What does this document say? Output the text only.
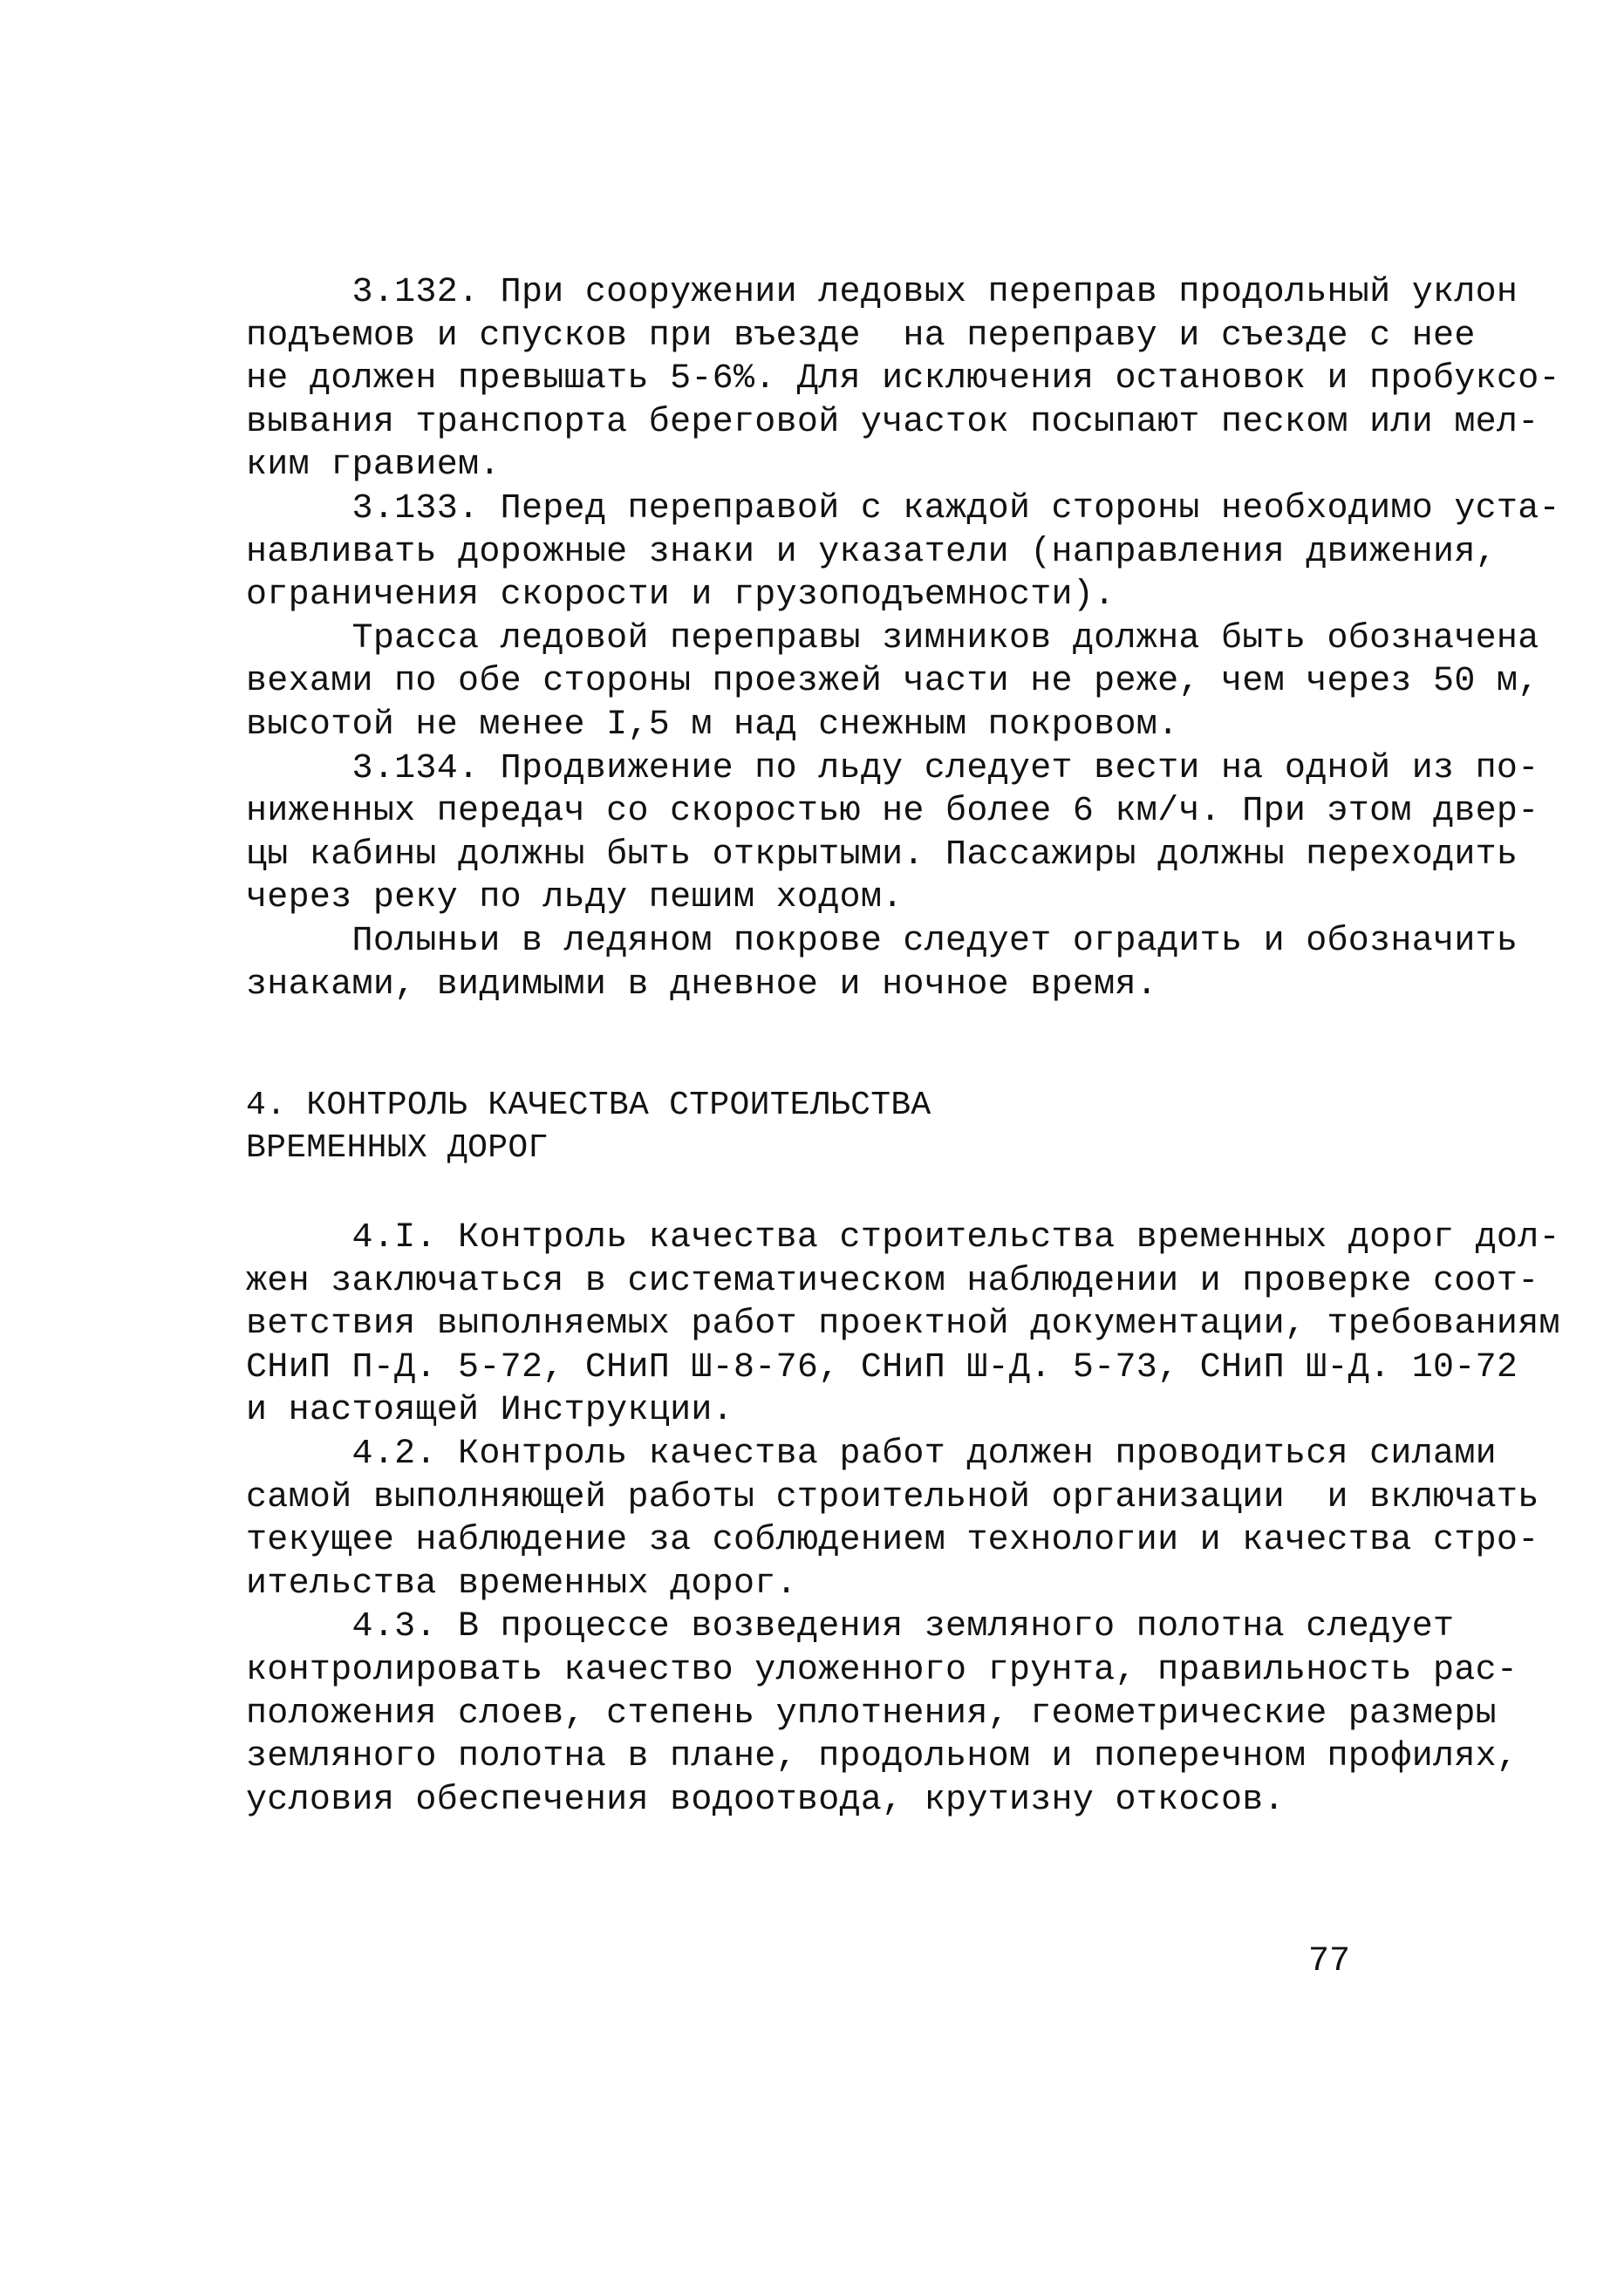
3.132. При сооружении ледовых переправ продольный уклон
подъемов и спусков при въезде  на переправу и съезде с нее
не должен превышать 5-6%. Для исключения остановок и пробуксо-
вывания транспорта береговой участок посыпают песком или мел-
ким гравием.
3.133. Перед переправой с каждой стороны необходимо уста-
навливать дорожные знаки и указатели (направления движения,
ограничения скорости и грузоподъемности).
Трасса ледовой переправы зимников должна быть обозначена
вехами по обе стороны проезжей части не реже, чем через 50 м,
высотой не менее I,5 м над снежным покровом.
3.134. Продвижение по льду следует вести на одной из по-
ниженных передач со скоростью не более 6 км/ч. При этом двер-
цы кабины должны быть открытыми. Пассажиры должны переходить
через реку по льду пешим ходом.
Полыньи в ледяном покрове следует оградить и обозначить
знаками, видимыми в дневное и ночное время.
4. КОНТРОЛЬ КАЧЕСТВА СТРОИТЕЛЬСТВА
ВРЕМЕННЫХ ДОРОГ
4.I. Контроль качества строительства временных дорог дол-
жен заключаться в систематическом наблюдении и проверке соот-
ветствия выполняемых работ проектной документации, требованиям
СНиП П-Д. 5-72, СНиП Ш-8-76, СНиП Ш-Д. 5-73, СНиП Ш-Д. 10-72
и настоящей Инструкции.
4.2. Контроль качества работ должен проводиться силами
самой выполняющей работы строительной организации  и включать
текущее наблюдение за соблюдением технологии и качества стро-
ительства временных дорог.
4.3. В процессе возведения земляного полотна следует
контролировать качество уложенного грунта, правильность рас-
положения слоев, степень уплотнения, геометрические размеры
земляного полотна в плане, продольном и поперечном профилях,
условия обеспечения водоотвода, крутизну откосов.
77
